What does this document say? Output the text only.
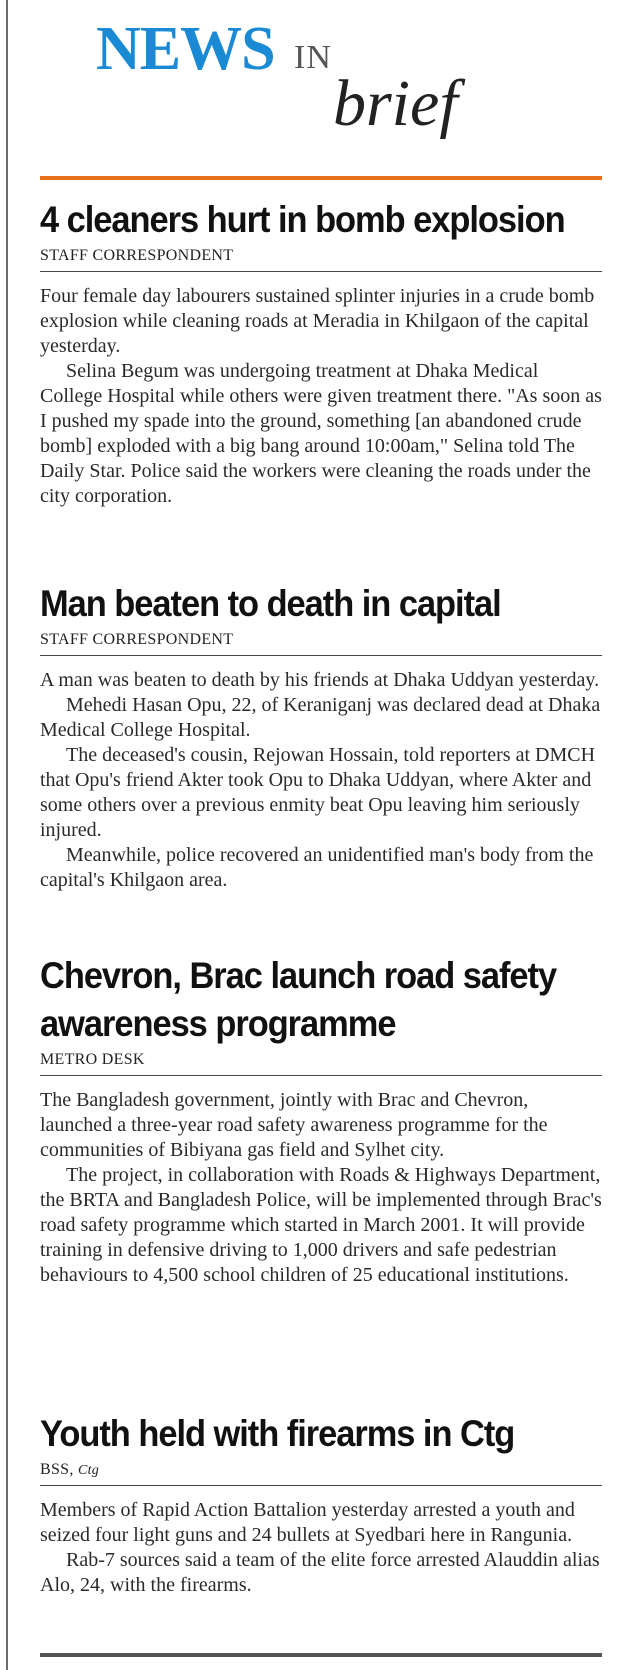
NEWS IN
brief
4 cleaners hurt in bomb explosion
STAFF CORRESPONDENT

Four female day labourers sustained splinter injuries in a crude bomb explosion while cleaning roads at Meradia in Khilgaon of the capital yesterday.

Selina Begum was undergoing treatment at Dhaka Medical College Hospital while others were given treatment there. "As soon as I pushed my spade into the ground, something [an abandoned crude bomb] exploded with a big bang around 10:00am," Selina told The Daily Star. Police said the workers were cleaning the roads under the city corporation.

Man beaten to death in capital
STAFF CORRESPONDENT

A man was beaten to death by his friends at Dhaka Uddyan yesterday.

Mehedi Hasan Opu, 22, of Keraniganj was declared dead at Dhaka Medical College Hospital.

The deceased's cousin, Rejowan Hossain, told reporters at DMCH that Opu's friend Akter took Opu to Dhaka Uddyan, where Akter and some others over a previous enmity beat Opu leaving him seriously injured.

Meanwhile, police recovered an unidentified man's body from the capital's Khilgaon area.

Chevron, Brac launch road safety
awareness programme
METRO DESK

The Bangladesh government, jointly with Brac and Chevron, launched a three-year road safety awareness programme for the communities of Bibiyana gas field and Sylhet city.

The project, in collaboration with Roads & Highways Department, the BRTA and Bangladesh Police, will be implemented through Brac's road safety programme which started in March 2001. It will provide training in defensive driving to 1,000 drivers and safe pedestrian behaviours to 4,500 school children of 25 educational institutions.

Youth held with firearms in Ctg
BSS, Ctg

Members of Rapid Action Battalion yesterday arrested a youth and seized four light guns and 24 bullets at Syedbari here in Rangunia.

Rab-7 sources said a team of the elite force arrested Alauddin alias Alo, 24, with the firearms.
